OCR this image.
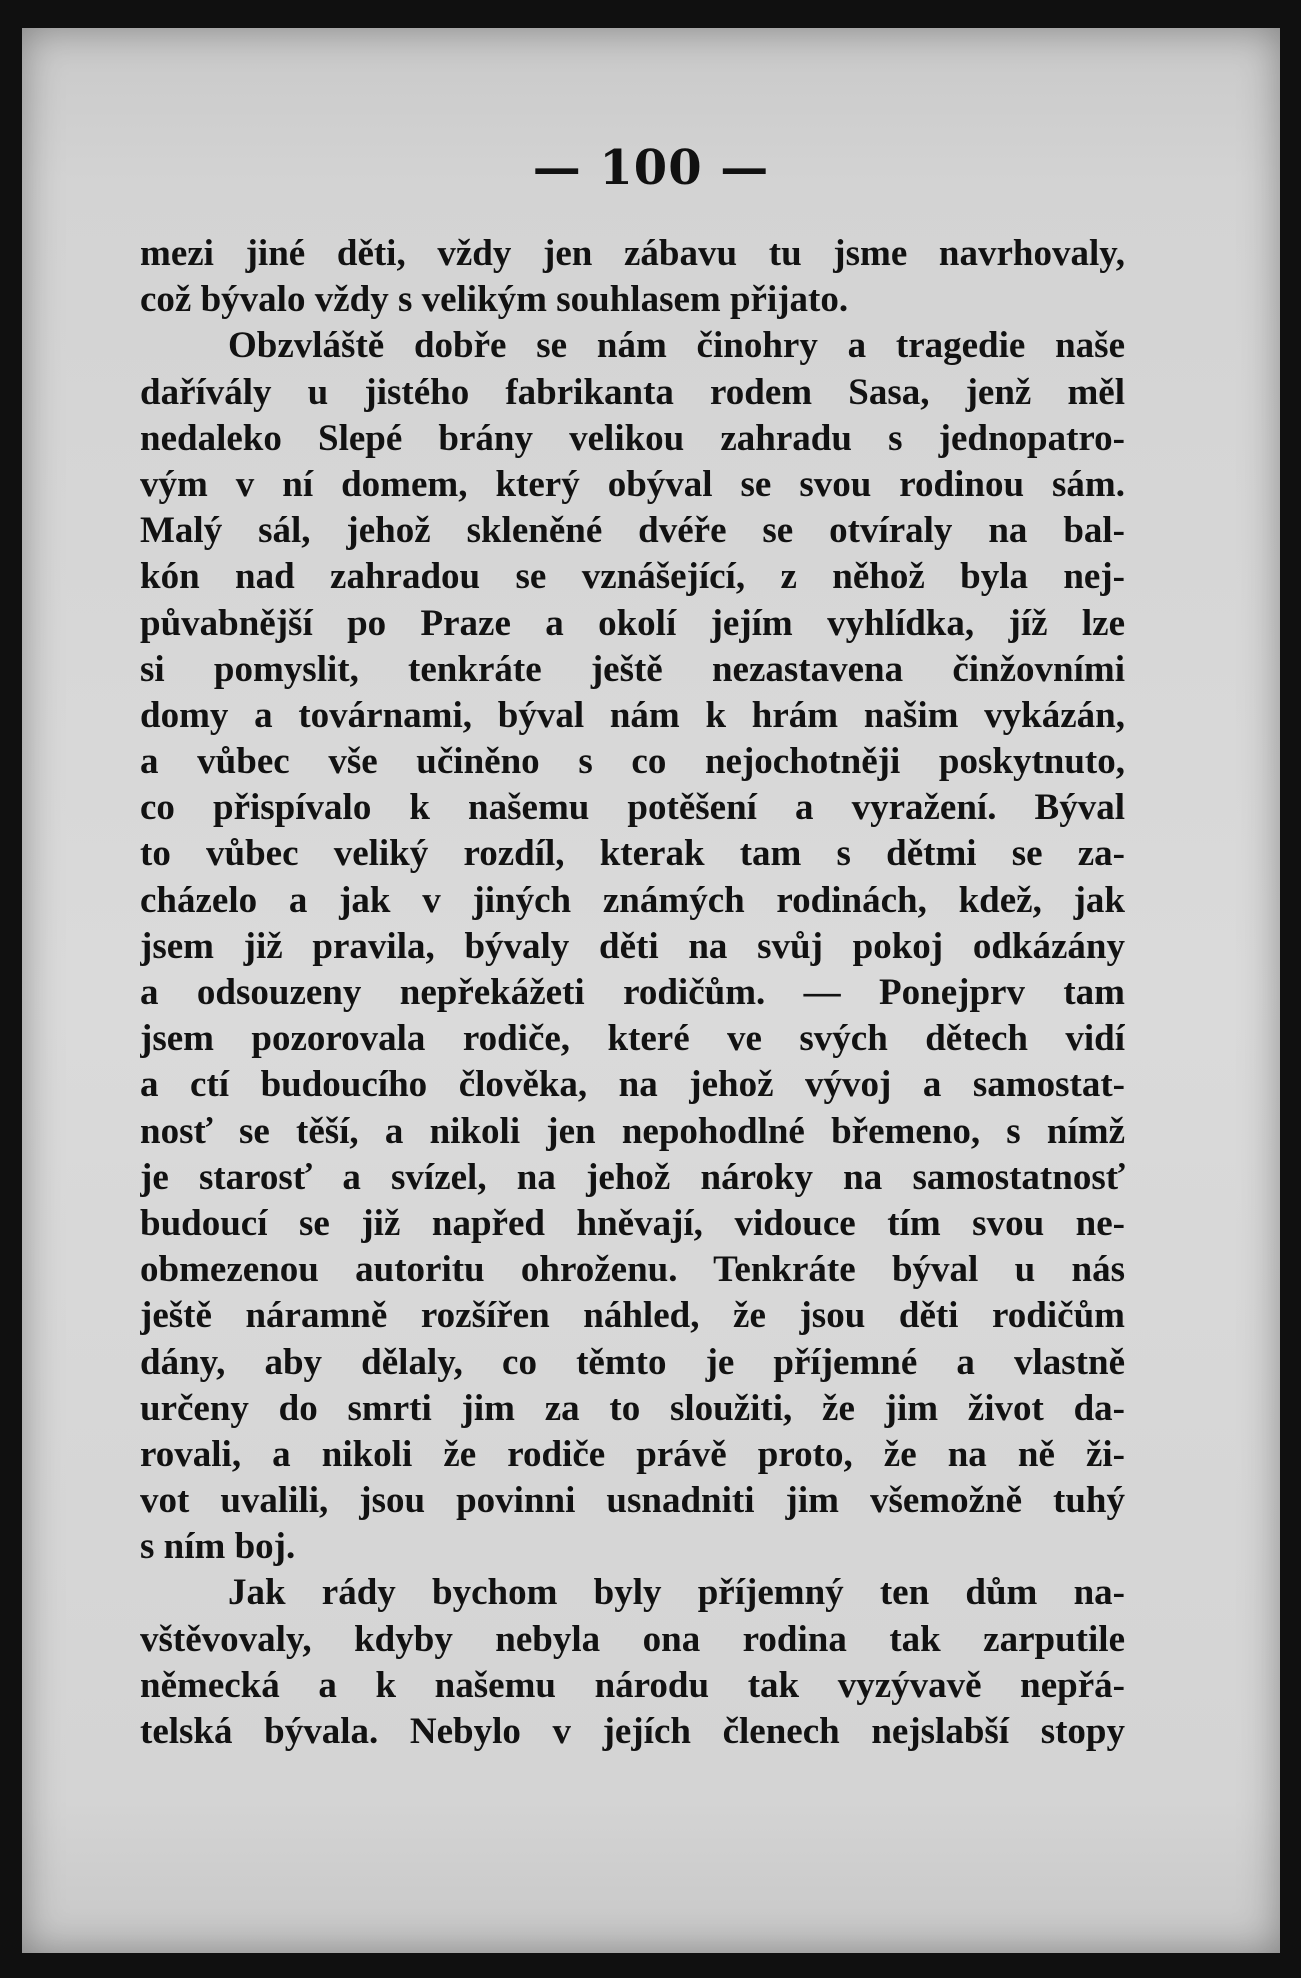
— 100 —
mezi jiné děti, vždy jen zábavu tu jsme navrhovaly,
což bývalo vždy s velikým souhlasem přijato.
Obzvláště dobře se nám činohry a tragedie naše
dařívály u jistého fabrikanta rodem Sasa, jenž měl
nedaleko Slepé brány velikou zahradu s jednopatro-
vým v ní domem, který obýval se svou rodinou sám.
Malý sál, jehož skleněné dvéře se otvíraly na bal-
kón nad zahradou se vznášející, z něhož byla nej-
půvabnější po Praze a okolí jejím vyhlídka, jíž lze
si pomyslit, tenkráte ještě nezastavena činžovními
domy a továrnami, býval nám k hrám našim vykázán,
a vůbec vše učiněno s co nejochotněji poskytnuto,
co přispívalo k našemu potěšení a vyražení. Býval
to vůbec veliký rozdíl, kterak tam s dětmi se za-
cházelo a jak v jiných známých rodinách, kdež, jak
jsem již pravila, bývaly děti na svůj pokoj odkázány
a odsouzeny nepřekážeti rodičům. — Ponejprv tam
jsem pozorovala rodiče, které ve svých dětech vidí
a ctí budoucího člověka, na jehož vývoj a samostat-
nosť se těší, a nikoli jen nepohodlné břemeno, s nímž
je starosť a svízel, na jehož nároky na samostatnosť
budoucí se již napřed hněvají, vidouce tím svou ne-
obmezenou autoritu ohroženu. Tenkráte býval u nás
ještě náramně rozšířen náhled, že jsou děti rodičům
dány, aby dělaly, co těmto je příjemné a vlastně
určeny do smrti jim za to sloužiti, že jim život da-
rovali, a nikoli že rodiče právě proto, že na ně ži-
vot uvalili, jsou povinni usnadniti jim všemožně tuhý
s ním boj.
Jak rády bychom byly příjemný ten dům na-
vštěvovaly, kdyby nebyla ona rodina tak zarputile
německá a k našemu národu tak vyzývavě nepřá-
telská bývala. Nebylo v jejích členech nejslabší stopy
